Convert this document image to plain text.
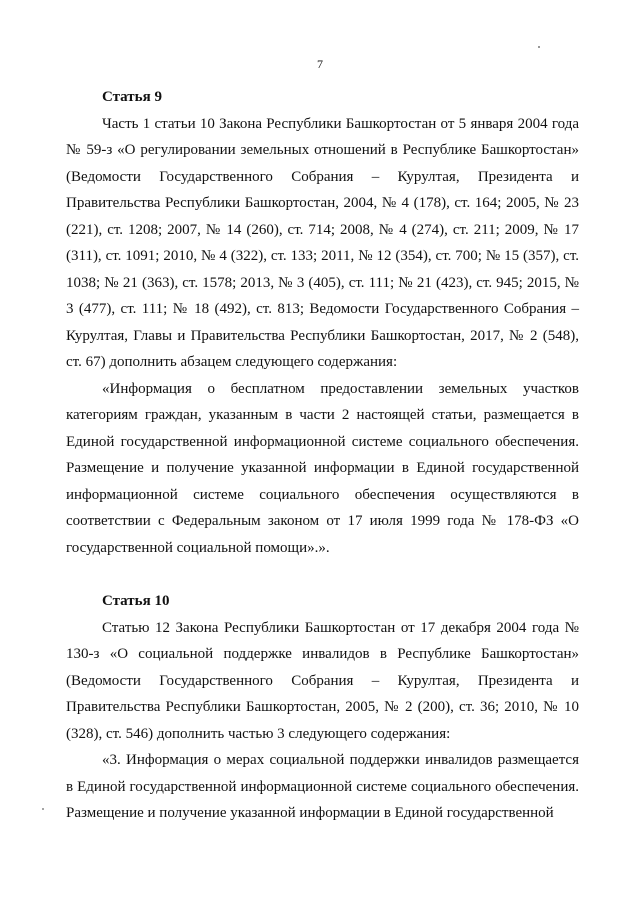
7

Статья 9

Часть 1 статьи 10 Закона Республики Башкортостан от 5 января 2004 года № 59-з «О регулировании земельных отношений в Республике Башкортостан» (Ведомости Государственного Собрания – Курултая, Президента и Правительства Республики Башкортостан, 2004, № 4 (178), ст. 164; 2005, № 23 (221), ст. 1208; 2007, № 14 (260), ст. 714; 2008, № 4 (274), ст. 211; 2009, № 17 (311), ст. 1091; 2010, № 4 (322), ст. 133; 2011, № 12 (354), ст. 700; № 15 (357), ст. 1038; № 21 (363), ст. 1578; 2013, № 3 (405), ст. 111; № 21 (423), ст. 945; 2015, № 3 (477), ст. 111; № 18 (492), ст. 813; Ведомости Государственного Собрания – Курултая, Главы и Правительства Республики Башкортостан, 2017, № 2 (548), ст. 67) дополнить абзацем следующего содержания:

«Информация о бесплатном предоставлении земельных участков категориям граждан, указанным в части 2 настоящей статьи, размещается в Единой государственной информационной системе социального обеспечения. Размещение и получение указанной информации в Единой государственной информационной системе социального обеспечения осуществляются в соответствии с Федеральным законом от 17 июля 1999 года № 178-ФЗ «О государственной социальной помощи».».

Статья 10

Статью 12 Закона Республики Башкортостан от 17 декабря 2004 года № 130-з «О социальной поддержке инвалидов в Республике Башкортостан» (Ведомости Государственного Собрания – Курултая, Президента и Правительства Республики Башкортостан, 2005, № 2 (200), ст. 36; 2010, № 10 (328), ст. 546) дополнить частью 3 следующего содержания:

«3. Информация о мерах социальной поддержки инвалидов размещается в Единой государственной информационной системе социального обеспечения. Размещение и получение указанной информации в Единой государственной
